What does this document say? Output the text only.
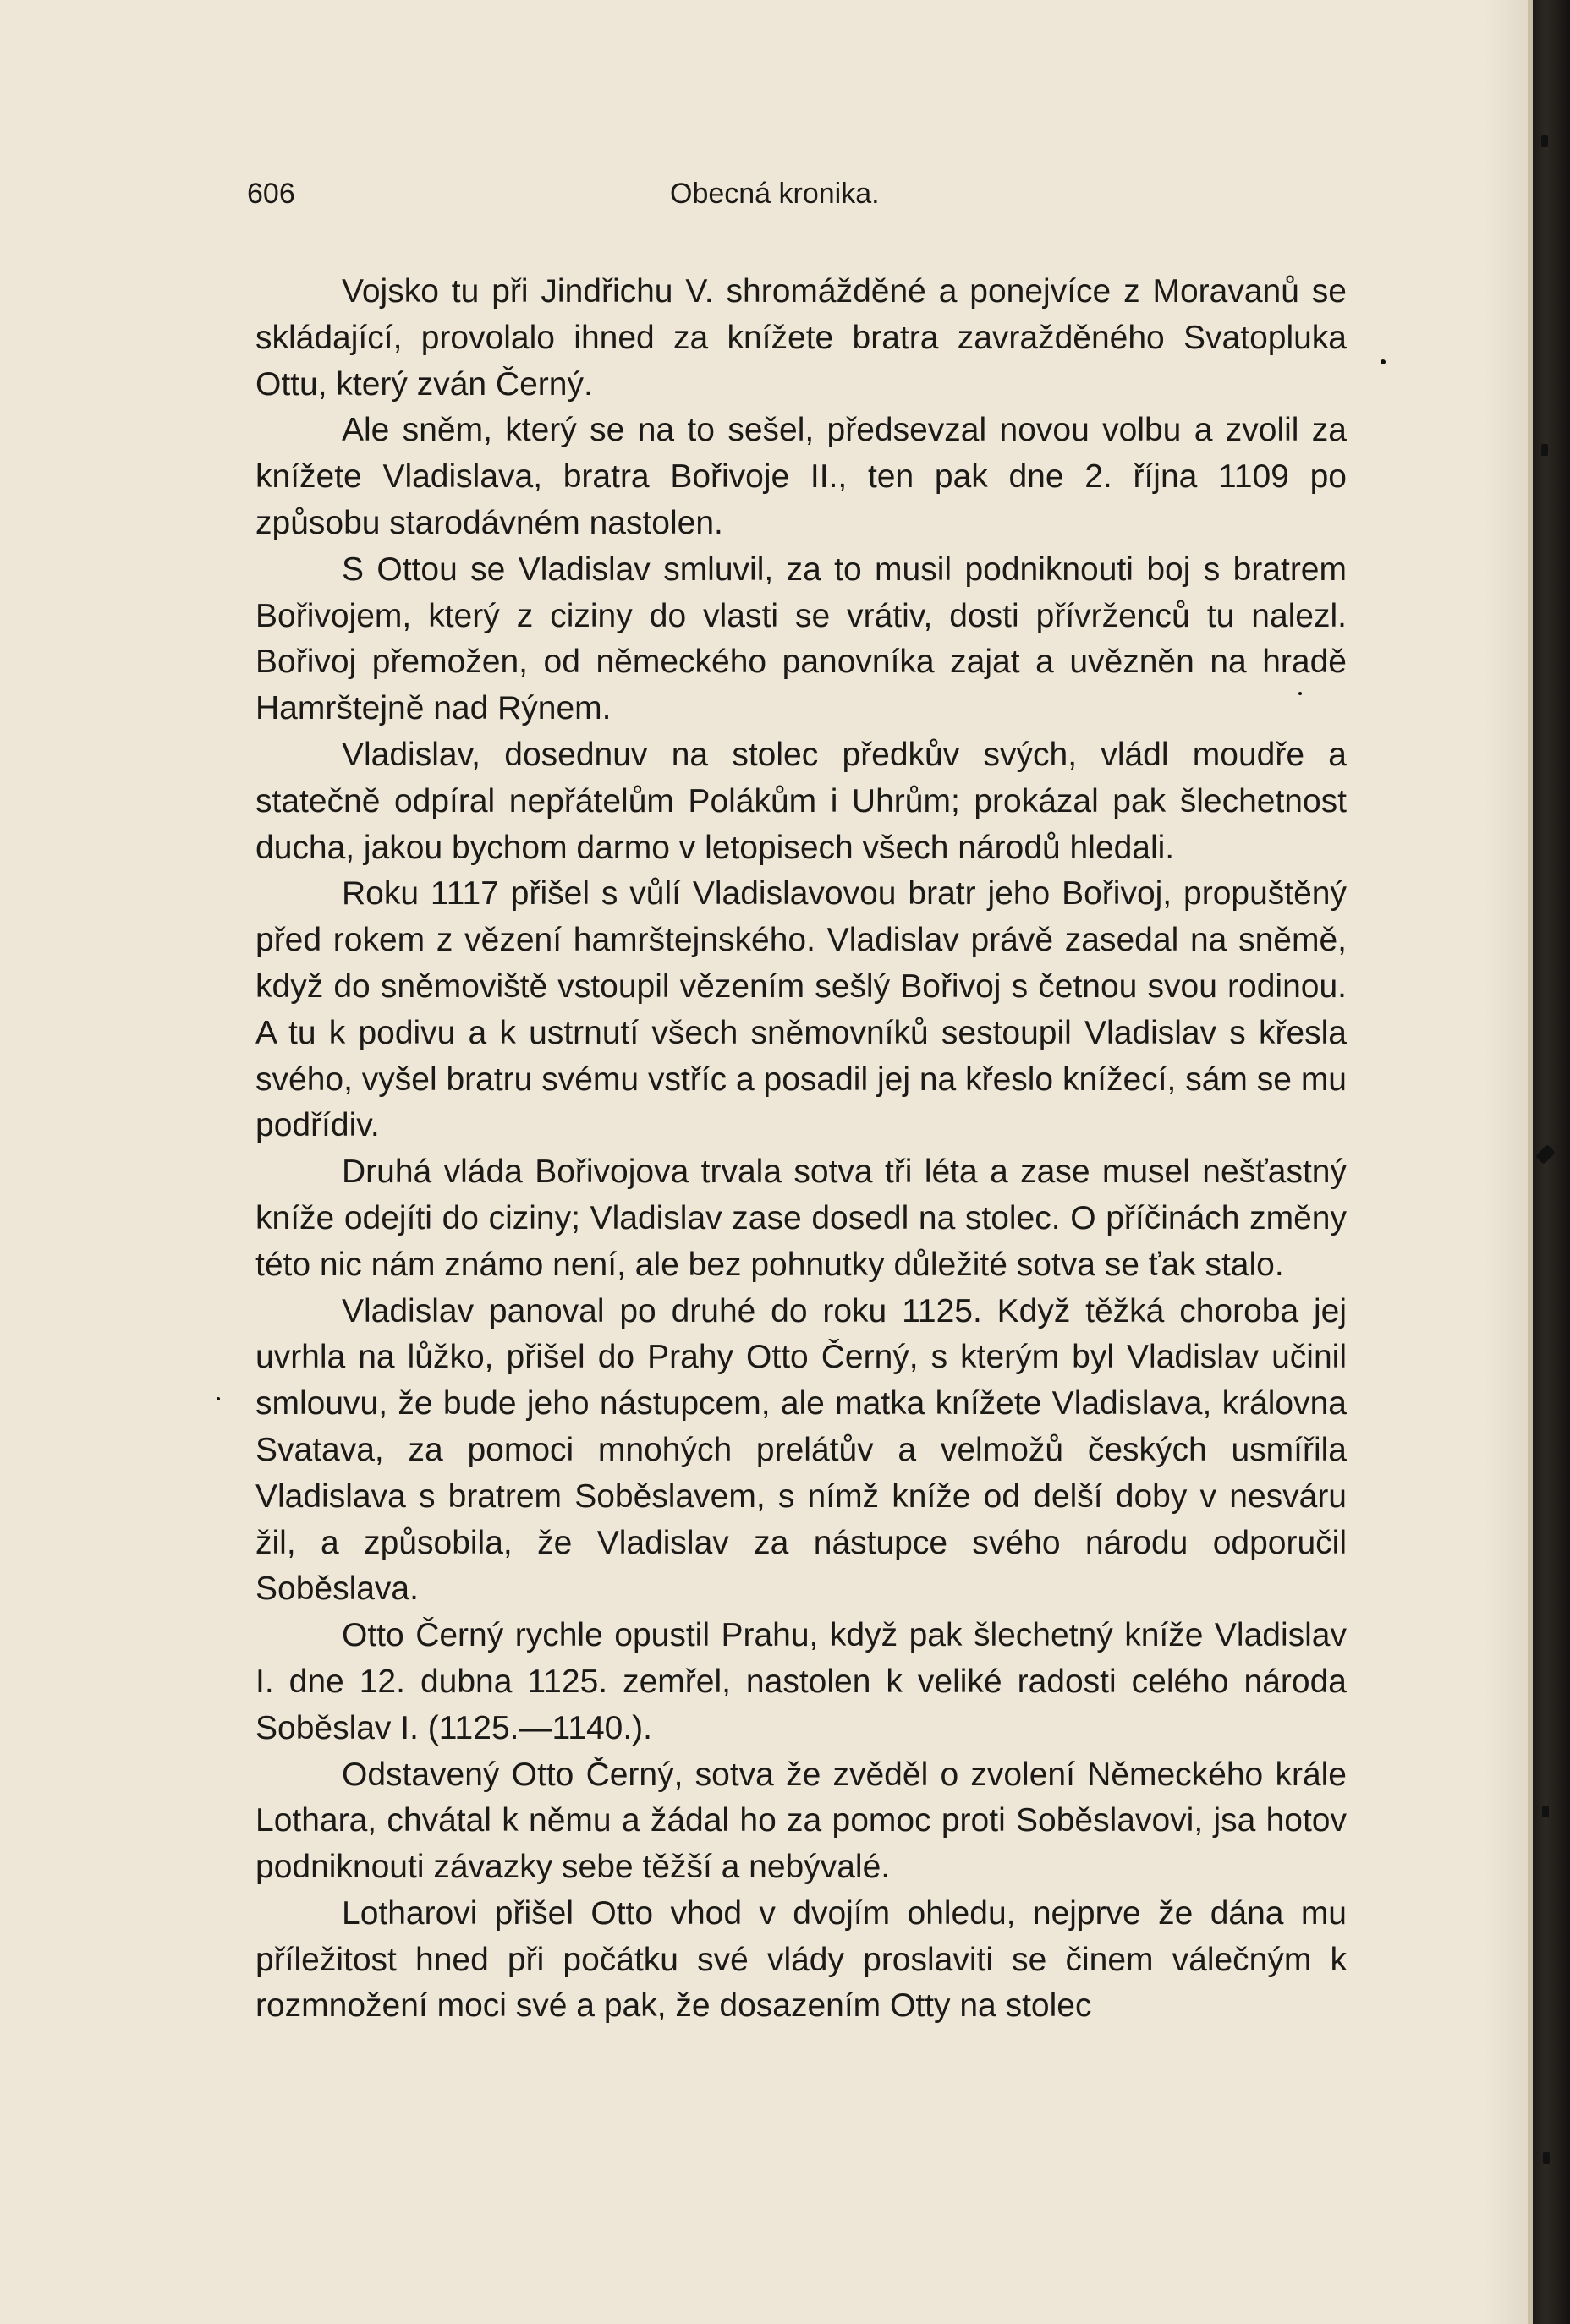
606	Obecná kronika.

Vojsko tu při Jindřichu V. shromážděné a ponejvíce z Moravanů se skládající, provolalo ihned za knížete bratra zavražděného Svatopluka Ottu, který zván Černý.

Ale sněm, který se na to sešel, předsevzal novou volbu a zvolil za knížete Vladislava, bratra Bořivoje II., ten pak dne 2. října 1109 po způsobu starodávném nastolen.

S Ottou se Vladislav smluvil, za to musil podniknouti boj s bratrem Bořivojem, který z ciziny do vlasti se vrátiv, dosti přívrženců tu nalezl. Bořivoj přemožen, od německého panovníka zajat a uvězněn na hradě Hamrštejně nad Rýnem.

Vladislav, dosednuv na stolec předkův svých, vládl moudře a statečně odpíral nepřátelům Polákům i Uhrům; prokázal pak šlechetnost ducha, jakou bychom darmo v letopisech všech národů hledali.

Roku 1117 přišel s vůlí Vladislavovou bratr jeho Bořivoj, propuštěný před rokem z vězení hamrštejnského. Vladislav právě zasedal na sněmě, když do sněmoviště vstoupil vězením sešlý Bořivoj s četnou svou rodinou. A tu k podivu a k ustrnutí všech sněmovníků sestoupil Vladislav s křesla svého, vyšel bratru svému vstříc a posadil jej na křeslo knížecí, sám se mu podřídiv.

Druhá vláda Bořivojova trvala sotva tři léta a zase musel nešťastný kníže odejíti do ciziny; Vladislav zase dosedl na stolec. O příčinách změny této nic nám známo není, ale bez pohnutky důležité sotva se ťak stalo.

Vladislav panoval po druhé do roku 1125. Když těžká choroba jej uvrhla na lůžko, přišel do Prahy Otto Černý, s kterým byl Vladislav učinil smlouvu, že bude jeho nástupcem, ale matka knížete Vladislava, královna Svatava, za pomoci mnohých prelátův a velmožů českých usmířila Vladislava s bratrem Soběslavem, s nímž kníže od delší doby v nesváru žil, a způsobila, že Vladislav za nástupce svého národu odporučil Soběslava.

Otto Černý rychle opustil Prahu, když pak šlechetný kníže Vladislav I. dne 12. dubna 1125. zemřel, nastolen k veliké radosti celého národa Soběslav I. (1125.—1140.).

Odstavený Otto Černý, sotva že zvěděl o zvolení Německého krále Lothara, chvátal k němu a žádal ho za pomoc proti Soběslavovi, jsa hotov podniknouti závazky sebe těžší a nebývalé.

Lotharovi přišel Otto vhod v dvojím ohledu, nejprve že dána mu příležitost hned při počátku své vlády proslaviti se činem válečným k rozmnožení moci své a pak, že dosazením Otty na stolec
